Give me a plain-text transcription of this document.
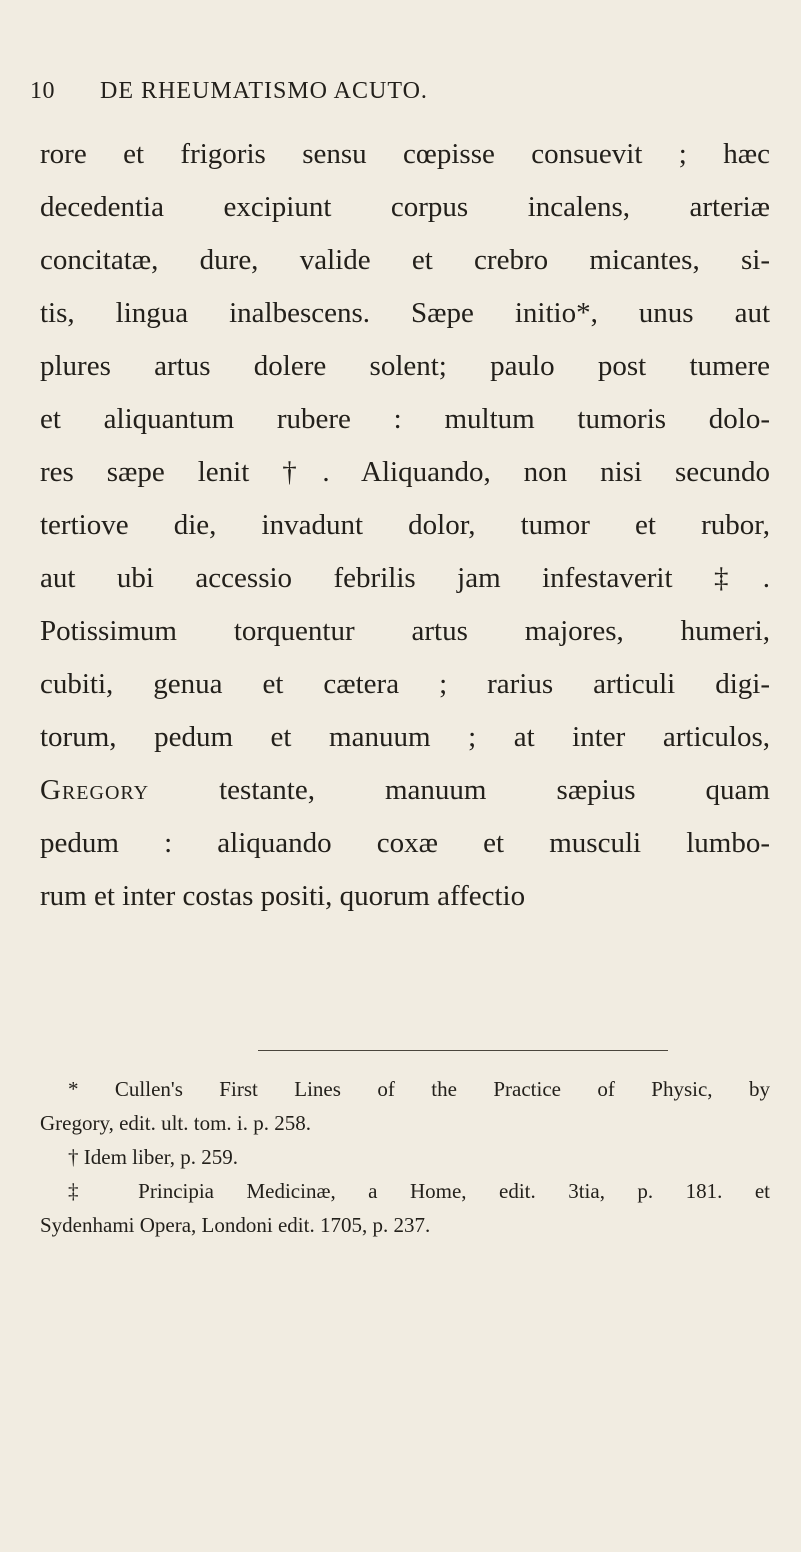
10 DE RHEUMATISMO ACUTO.
rore et frigoris sensu cœpisse consuevit ; hæc
decedentia excipiunt corpus incalens, arteriæ
concitatæ, dure, valide et crebro micantes, si-
tis, lingua inalbescens. Sæpe initio*, unus aut
plures artus dolere solent; paulo post tumere
et aliquantum rubere : multum tumoris dolo-
res sæpe lenit †. Aliquando, non nisi secundo
tertiove die, invadunt dolor, tumor et rubor,
aut ubi accessio febrilis jam infestaverit ‡.
Potissimum torquentur artus majores, humeri,
cubiti, genua et cætera ; rarius articuli digi-
torum, pedum et manuum ; at inter articulos,
Gregory testante, manuum sæpius quam
pedum : aliquando coxæ et musculi lumbo-
rum et inter costas positi, quorum affectio
* Cullen's First Lines of the Practice of Physic, by
Gregory, edit. ult. tom. i. p. 258.
† Idem liber, p. 259.
‡ Principia Medicinæ, a Home, edit. 3tia, p. 181. et
Sydenhami Opera, Londoni edit. 1705, p. 237.
